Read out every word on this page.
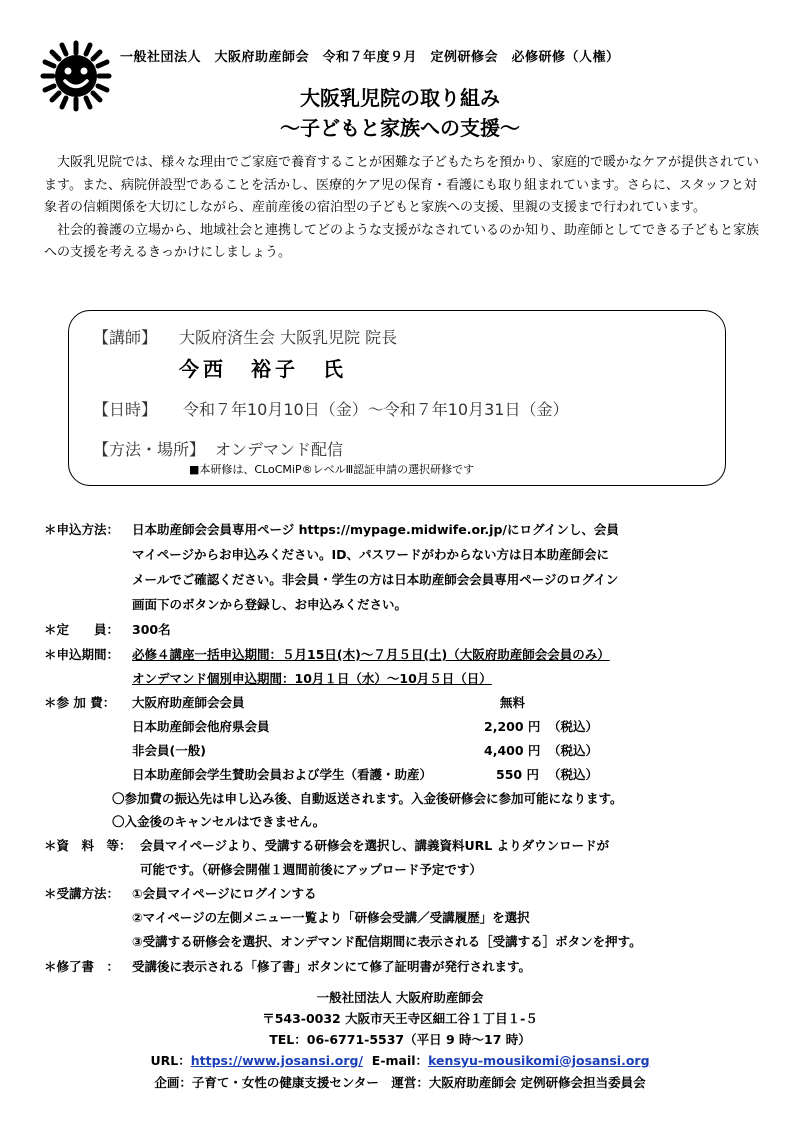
一般社団法人　大阪府助産師会　令和７年度９月　定例研修会　必修研修（人権）
大阪乳児院の取り組み
～子どもと家族への支援～

大阪乳児院では、様々な理由でご家庭で養育することが困難な子どもたちを預かり、家庭的で暖かなケアが提供されています。また、病院併設型であることを活かし、医療的ケア児の保育・看護にも取り組まれています。さらに、スタッフと対象者の信頼関係を大切にしながら、産前産後の宿泊型の子どもと家族への支援、里親の支援まで行われています。

社会的養護の立場から、地域社会と連携してどのような支援がなされているのか知り、助産師としてできる子どもと家族への支援を考えるきっかけにしましょう。

【講師】 大阪府済生会 大阪乳児院 院長
今西　裕子　氏
【日時】 令和７年10月10日（金）～令和７年10月31日（金）
【方法・場所】 オンデマンド配信
■本研修は、CLoCMiP®レベルⅢ認証申請の選択研修です
＊申込方法： 日本助産師会会員専用ページ https://mypage.midwife.or.jp/にログインし、会員
マイページからお申込みください。ID、パスワードがわからない方は日本助産師会に
メールでご確認ください。非会員・学生の方は日本助産師会会員専用ページのログイン
画面下のボタンから登録し、お申込みください。
＊定　　員： 300名
＊申込期間： 必修４講座一括申込期間：５月15日(木)～７月５日(土)（大阪府助産師会会員のみ）
オンデマンド個別申込期間：10月１日（水）～10月５日（日）
＊参 加 費： 大阪府助産師会会員	無料
日本助産師会他府県会員	2,200 円 （税込）
非会員(一般)	4,400 円 （税込）
日本助産師会学生賛助会員および学生（看護・助産）	550 円 （税込）
〇参加費の振込先は申し込み後、自動返送されます。入金後研修会に参加可能になります。
〇入金後のキャンセルはできません。
＊資　料　等： 会員マイページより、受講する研修会を選択し、講義資料URL よりダウンロードが
可能です。（研修会開催１週間前後にアップロード予定です）
＊受講方法： ①会員マイページにログインする
②マイページの左側メニュー一覧より「研修会受講／受講履歴」を選択
③受講する研修会を選択、オンデマンド配信期間に表示される［受講する］ボタンを押す。
＊修了書　： 受講後に表示される「修了書」ボタンにて修了証明書が発行されます。
一般社団法人 大阪府助産師会
〒543-0032 大阪市天王寺区細工谷１丁目１-５
TEL：06-6771-5537（平日 9 時～17 時）
URL：https://www.josansi.org/ E-mail：kensyu-mousikomi@josansi.org
企画：子育て・女性の健康支援センター　運営：大阪府助産師会 定例研修会担当委員会
